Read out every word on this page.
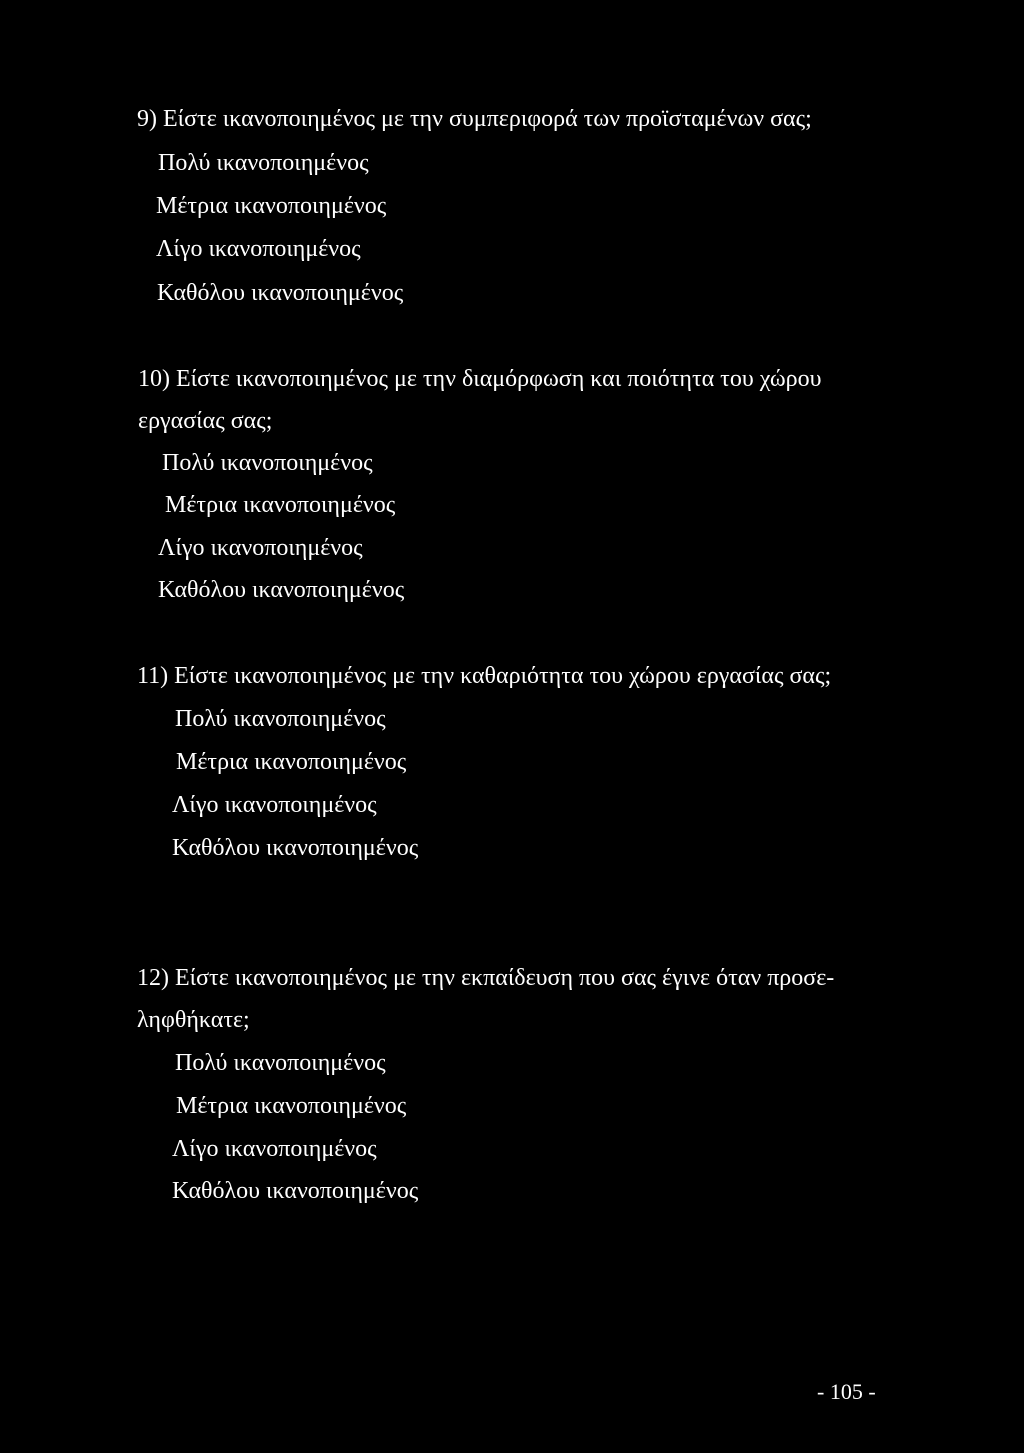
9) Είστε ικανοποιημένος με την συμπεριφορά των προϊσταμένων σας;
Πολύ ικανοποιημένος
Μέτρια ικανοποιημένος
Λίγο ικανοποιημένος
Καθόλου ικανοποιημένος
10) Είστε ικανοποιημένος με την διαμόρφωση και ποιότητα του χώρου
εργασίας σας;
Πολύ ικανοποιημένος
Μέτρια ικανοποιημένος
Λίγο ικανοποιημένος
Καθόλου ικανοποιημένος
11) Είστε ικανοποιημένος με την καθαριότητα του χώρου εργασίας σας;
Πολύ ικανοποιημένος
Μέτρια ικανοποιημένος
Λίγο ικανοποιημένος
Καθόλου ικανοποιημένος
12) Είστε ικανοποιημένος με την εκπαίδευση που σας έγινε όταν προσε-
ληφθήκατε;
Πολύ ικανοποιημένος
Μέτρια ικανοποιημένος
Λίγο ικανοποιημένος
Καθόλου ικανοποιημένος
- 105 -
